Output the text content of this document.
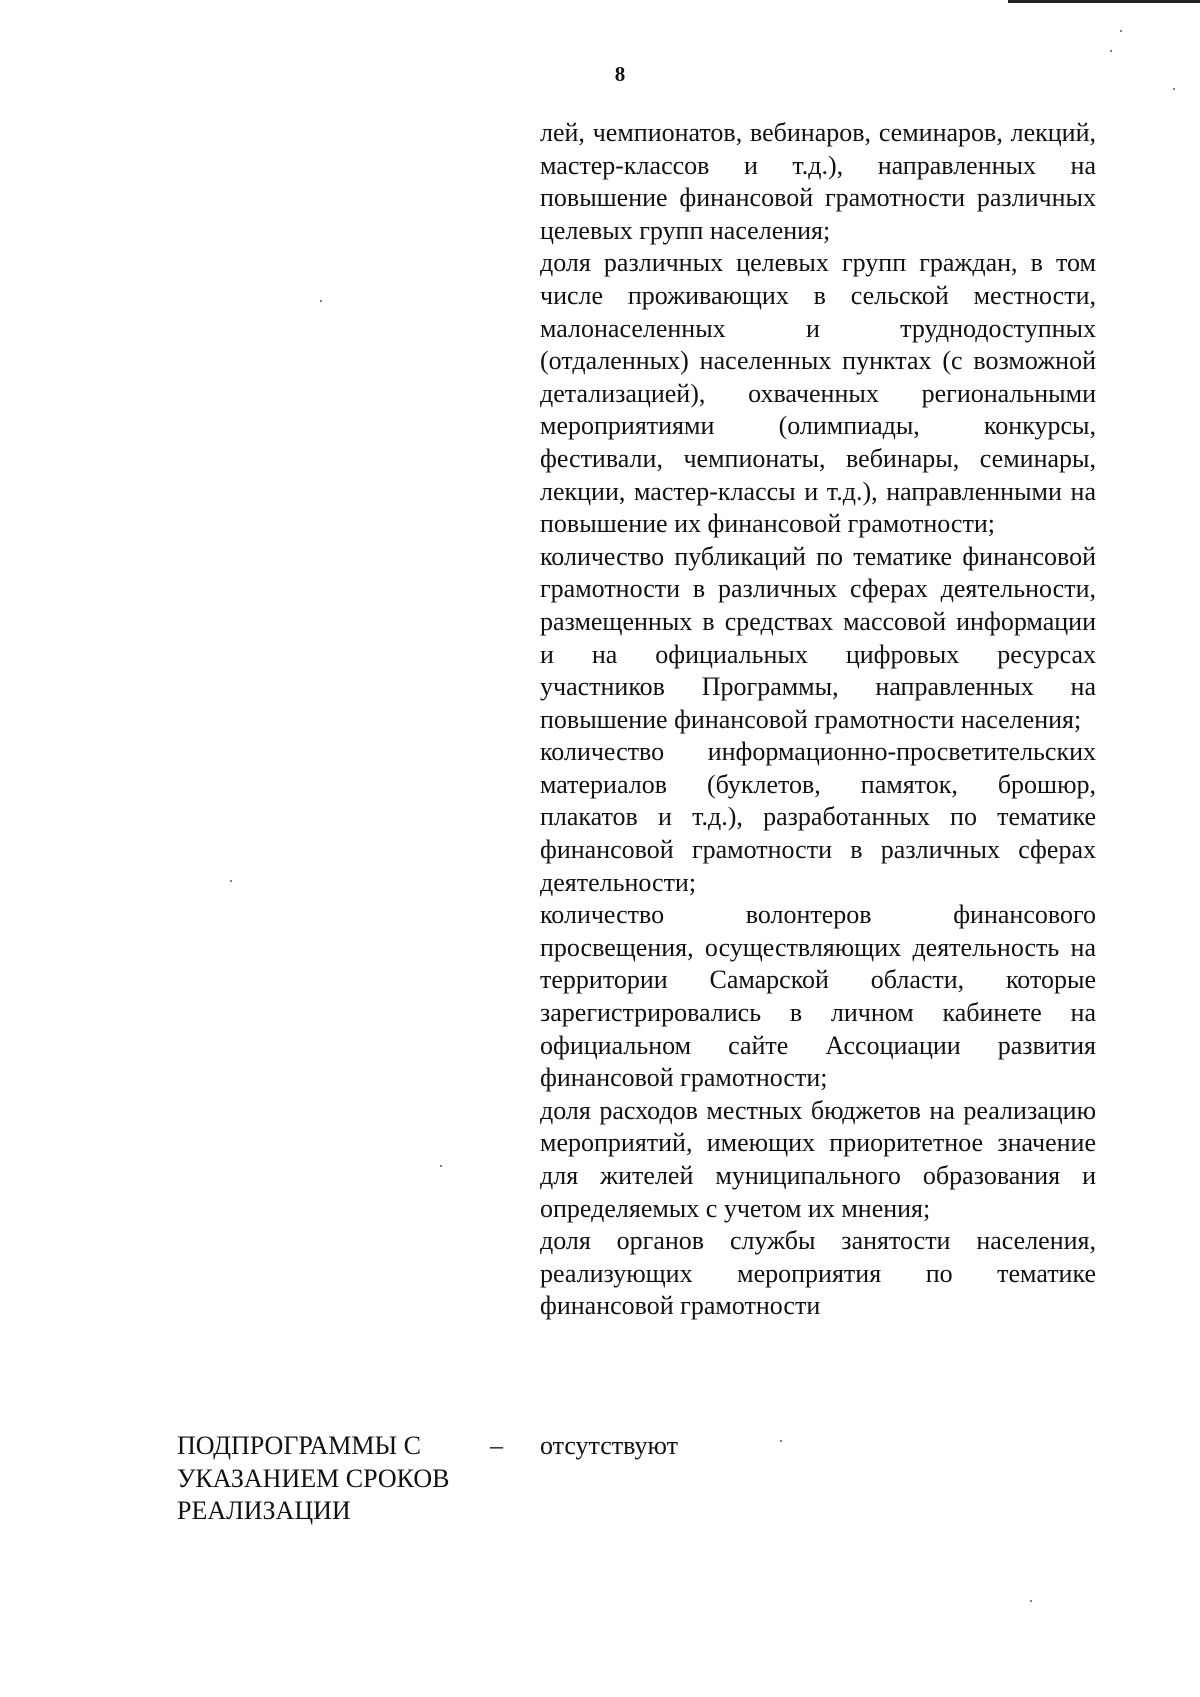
8

лей, чемпионатов, вебинаров, семинаров, лекций, мастер-классов и т.д.), направленных на повышение финансовой грамотности различных целевых групп населения;

доля различных целевых групп граждан, в том числе проживающих в сельской местности, малонаселенных и труднодоступных (отдаленных) населенных пунктах (с возможной детализацией), охваченных региональными мероприятиями (олимпиады, конкурсы, фестивали, чемпионаты, вебинары, семинары, лекции, мастер-классы и т.д.), направленными на повышение их финансовой грамотности;

количество публикаций по тематике финансовой грамотности в различных сферах деятельности, размещенных в средствах массовой информации и на официальных цифровых ресурсах участников Программы, направленных на повышение финансовой грамотности населения;

количество информационно-просветительских материалов (буклетов, памяток, брошюр, плакатов и т.д.), разработанных по тематике финансовой грамотности в различных сферах деятельности;

количество волонтеров финансового просвещения, осуществляющих деятельность на территории Самарской области, которые зарегистрировались в личном кабинете на официальном сайте Ассоциации развития финансовой грамотности;

доля расходов местных бюджетов на реализацию мероприятий, имеющих приоритетное значение для жителей муниципального образования и определяемых с учетом их мнения;

доля органов службы занятости населения, реализующих мероприятия по тематике финансовой грамотности

ПОДПРОГРАММЫ С УКАЗАНИЕМ СРОКОВ РЕАЛИЗАЦИИ
– отсутствуют
